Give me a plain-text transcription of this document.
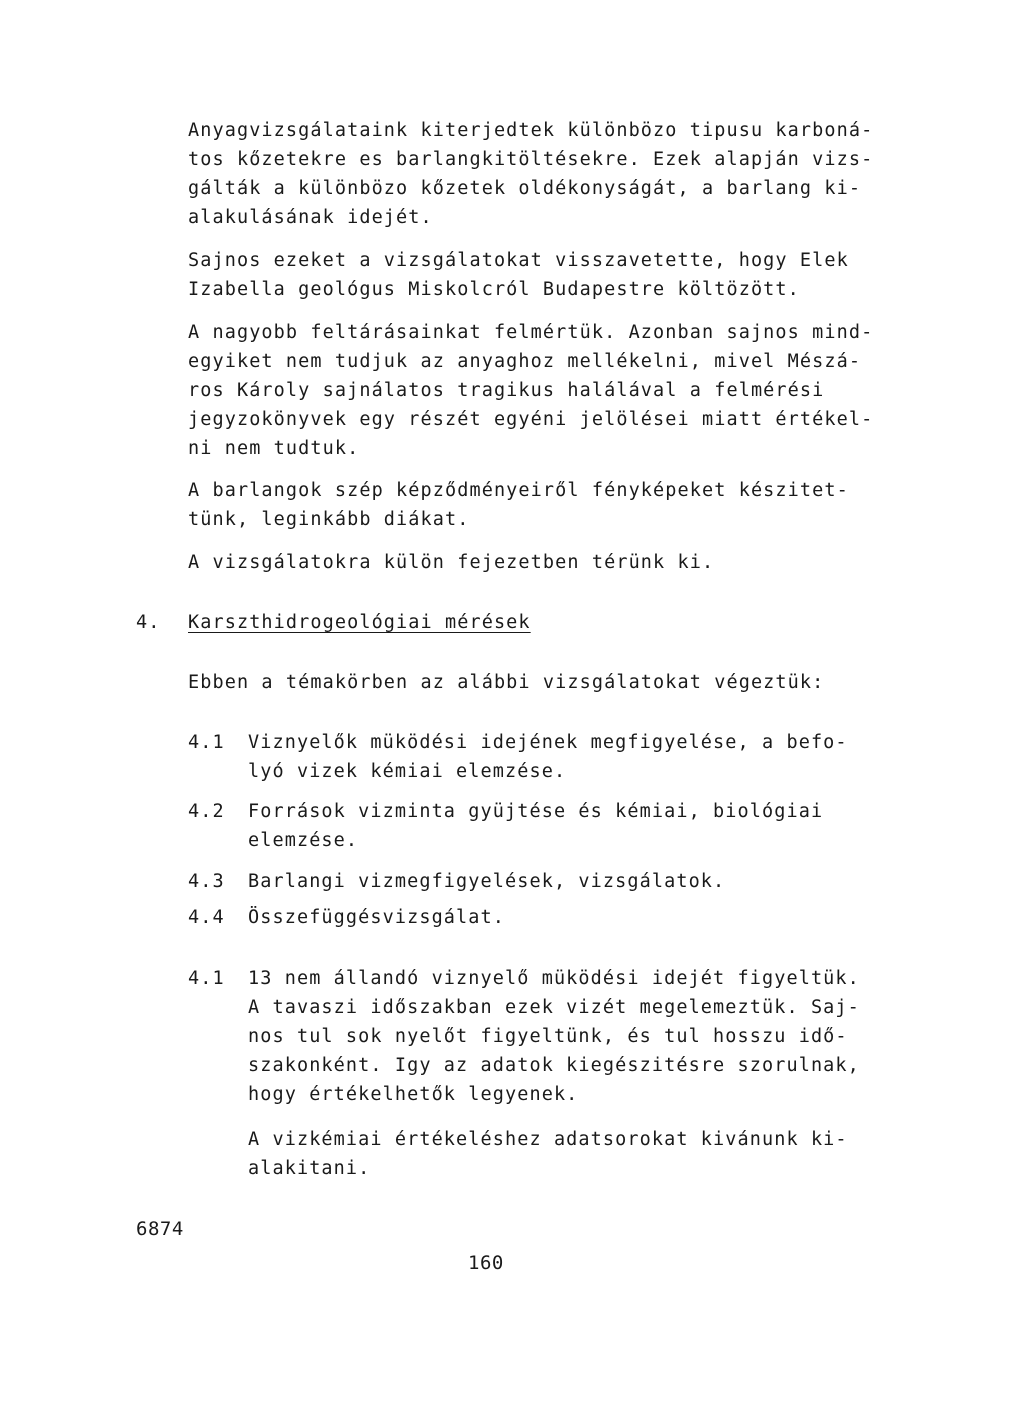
Anyagvizsgálataink kiterjedtek különbözo tipusu karboná-
tos kőzetekre es barlangkitöltésekre. Ezek alapján vizs-
gálták a különbözo kőzetek oldékonyságát, a barlang ki-
alakulásának idejét.
Sajnos ezeket a vizsgálatokat visszavetette, hogy Elek
Izabella geológus Miskolcról Budapestre költözött.
A nagyobb feltárásainkat felmértük. Azonban sajnos mind-
egyiket nem tudjuk az anyaghoz mellékelni, mivel Mészá-
ros Károly sajnálatos tragikus halálával a felmérési
jegyzokönyvek egy részét egyéni jelölései miatt értékel-
ni nem tudtuk.
A barlangok szép képződményeiről fényképeket készitet-
tünk, leginkább diákat.
A vizsgálatokra külön fejezetben térünk ki.
4. Karszthidrogeológiai mérések
Ebben a témakörben az alábbi vizsgálatokat végeztük:
4.1 Viznyelők müködési idejének megfigyelése, a befo-
lyó vizek kémiai elemzése.
4.2 Források vizminta gyüjtése és kémiai, biológiai
elemzése.
4.3 Barlangi vizmegfigyelések, vizsgálatok.
4.4 Összefüggésvizsgálat.
4.1 13 nem állandó viznyelő müködési idejét figyeltük.
A tavaszi időszakban ezek vizét megelemeztük. Saj-
nos tul sok nyelőt figyeltünk, és tul hosszu idő-
szakonként. Igy az adatok kiegészitésre szorulnak,
hogy értékelhetők legyenek.
A vizkémiai értékeléshez adatsorokat kivánunk ki-
alakitani.
6874
160
